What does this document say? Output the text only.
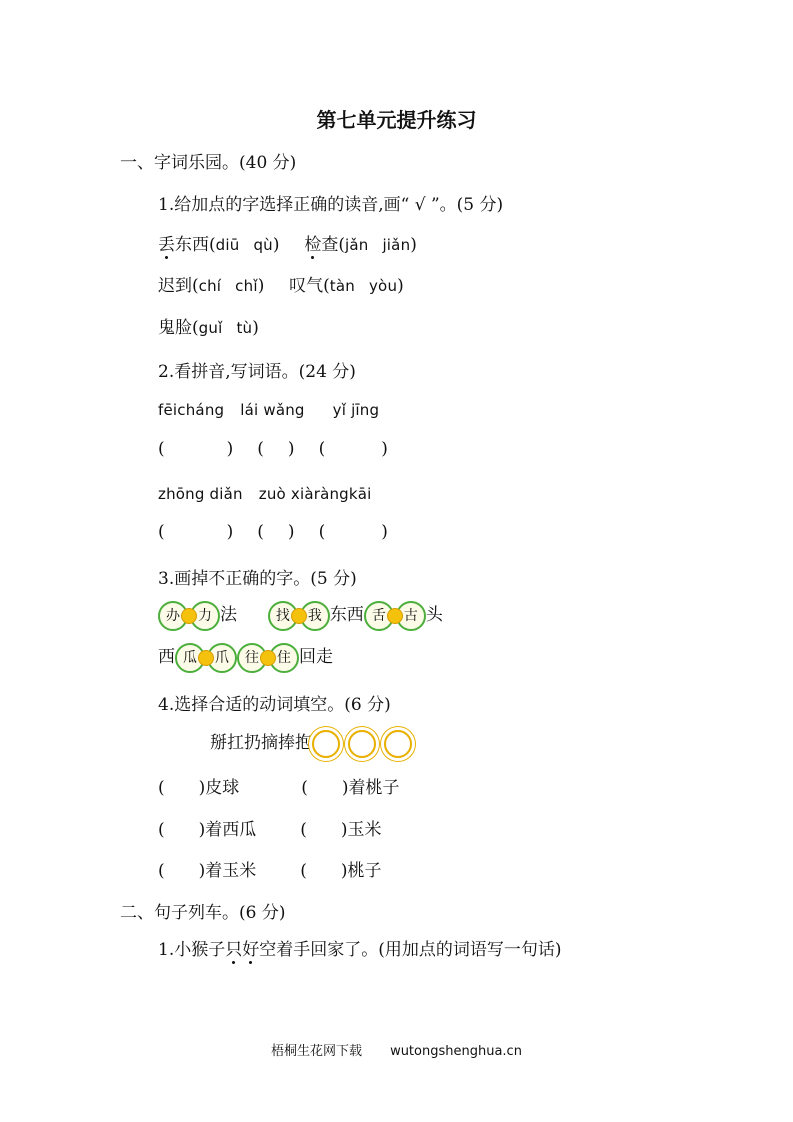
第七单元提升练习
一、字词乐园。(40 分)
1.给加点的字选择正确的读音,画“ √ ”。(5 分)
丢东西(diū qù) 检查(jǎn jiǎn)
迟到(chí chǐ) 叹气(tàn yòu)
鬼脸(guǐ tù)
2.看拼音,写词语。(24 分)
fēicháng lái wǎng yǐ jīng
(	) ( ) (	)
zhōng diǎn zuò xiàràngkāi
(	) ( ) (	)
3.画掉不正确的字。(5 分)
办 力 法	找 我 东西 舌 古 头
西 瓜 爪 往 住 回走
4.选择合适的动词填空。(6 分)
掰扛扔摘捧抱
(　　)皮球	(　　)着桃子
(　　)着西瓜	(　　)玉米
(　　)着玉米	(　　)桃子
二、句子列车。(6 分)
1.小猴子只好空着手回家了。(用加点的词语写一句话)
梧桐生花网下载 wutongshenghua.cn
